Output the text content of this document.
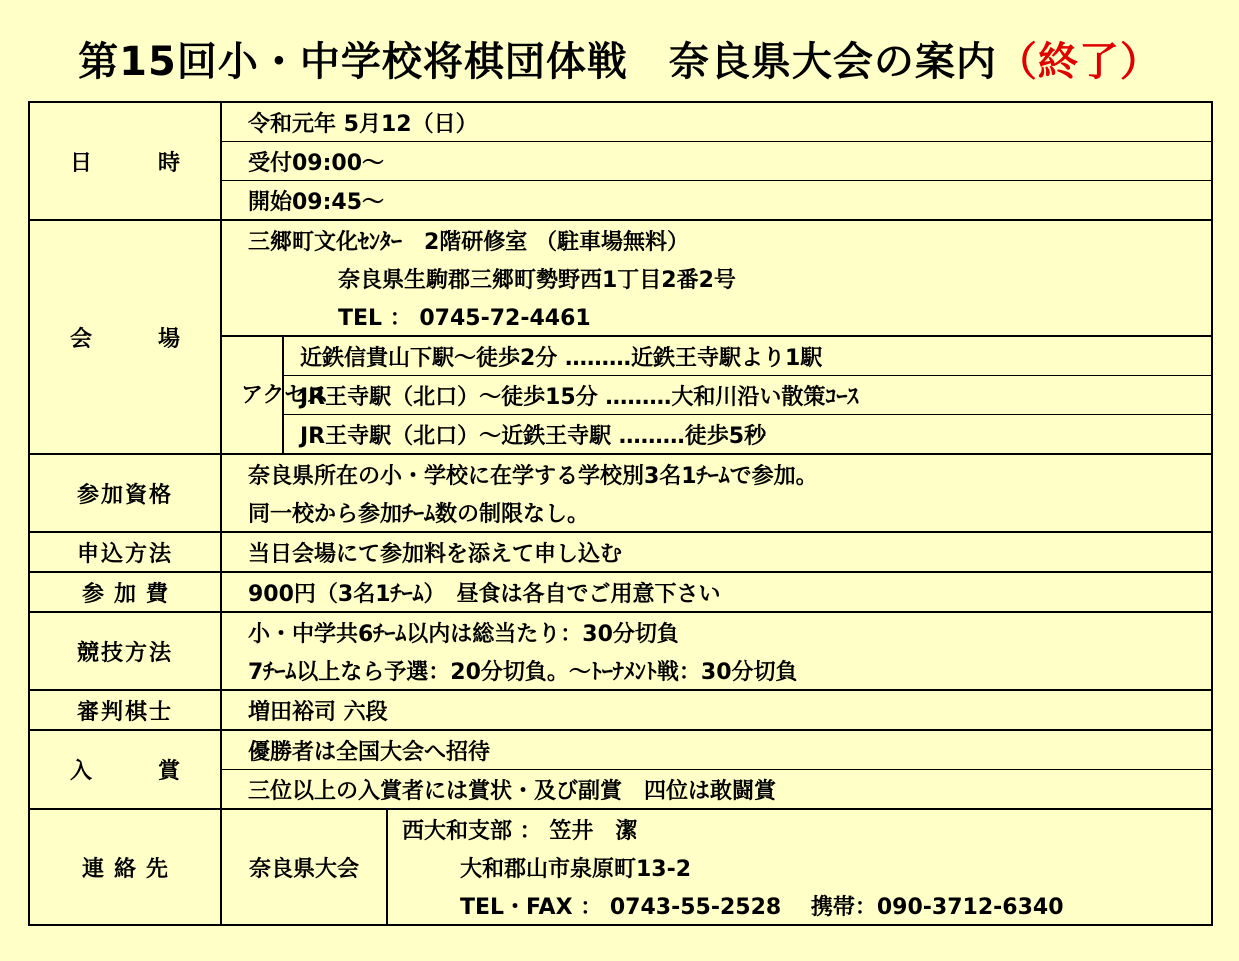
第15回小・中学校将棋団体戦　奈良県大会の案内（終了）
日　時	令和元年 5月12（日）		
	受付09:00～		
	開始09:45～		
会　場	三郷町文化ｾﾝﾀｰ　2階研修室 （駐車場無料）		
	奈良県生駒郡三郷町勢野西1丁目2番2号		
	TEL ： 0745-72-4461		

	アクセス	近鉄信貴山下駅～徒歩2分 ………近鉄王寺駅より1駅	
		JR王寺駅（北口）～徒歩15分 ………大和川沿い散策ｺｰｽ	
		JR王寺駅（北口）～近鉄王寺駅 ………徒歩5秒	
参加資格	奈良県所在の小・学校に在学する学校別3名1ﾁｰﾑで参加。		
	同一校から参加ﾁｰﾑ数の制限なし。		
申込方法	当日会場にて参加料を添えて申し込む		
参加費	900円（3名1ﾁｰﾑ）　昼食は各自でご用意下さい		
競技方法	小・中学共6ﾁｰﾑ以内は総当たり：30分切負		
	7ﾁｰﾑ以上なら予選：20分切負。～ﾄｰﾅﾒﾝﾄ戦：30分切負		
審判棋士	増田裕司 六段		
入　賞	優勝者は全国大会へ招待		
	三位以上の入賞者には賞状・及び副賞　四位は敢闘賞		
連絡先	奈良県大会		西大和支部 ： 笠井　潔
			大和郡山市泉原町13-2
			TEL・FAX ： 0743-55-2528　 携帯：090-3712-6340
